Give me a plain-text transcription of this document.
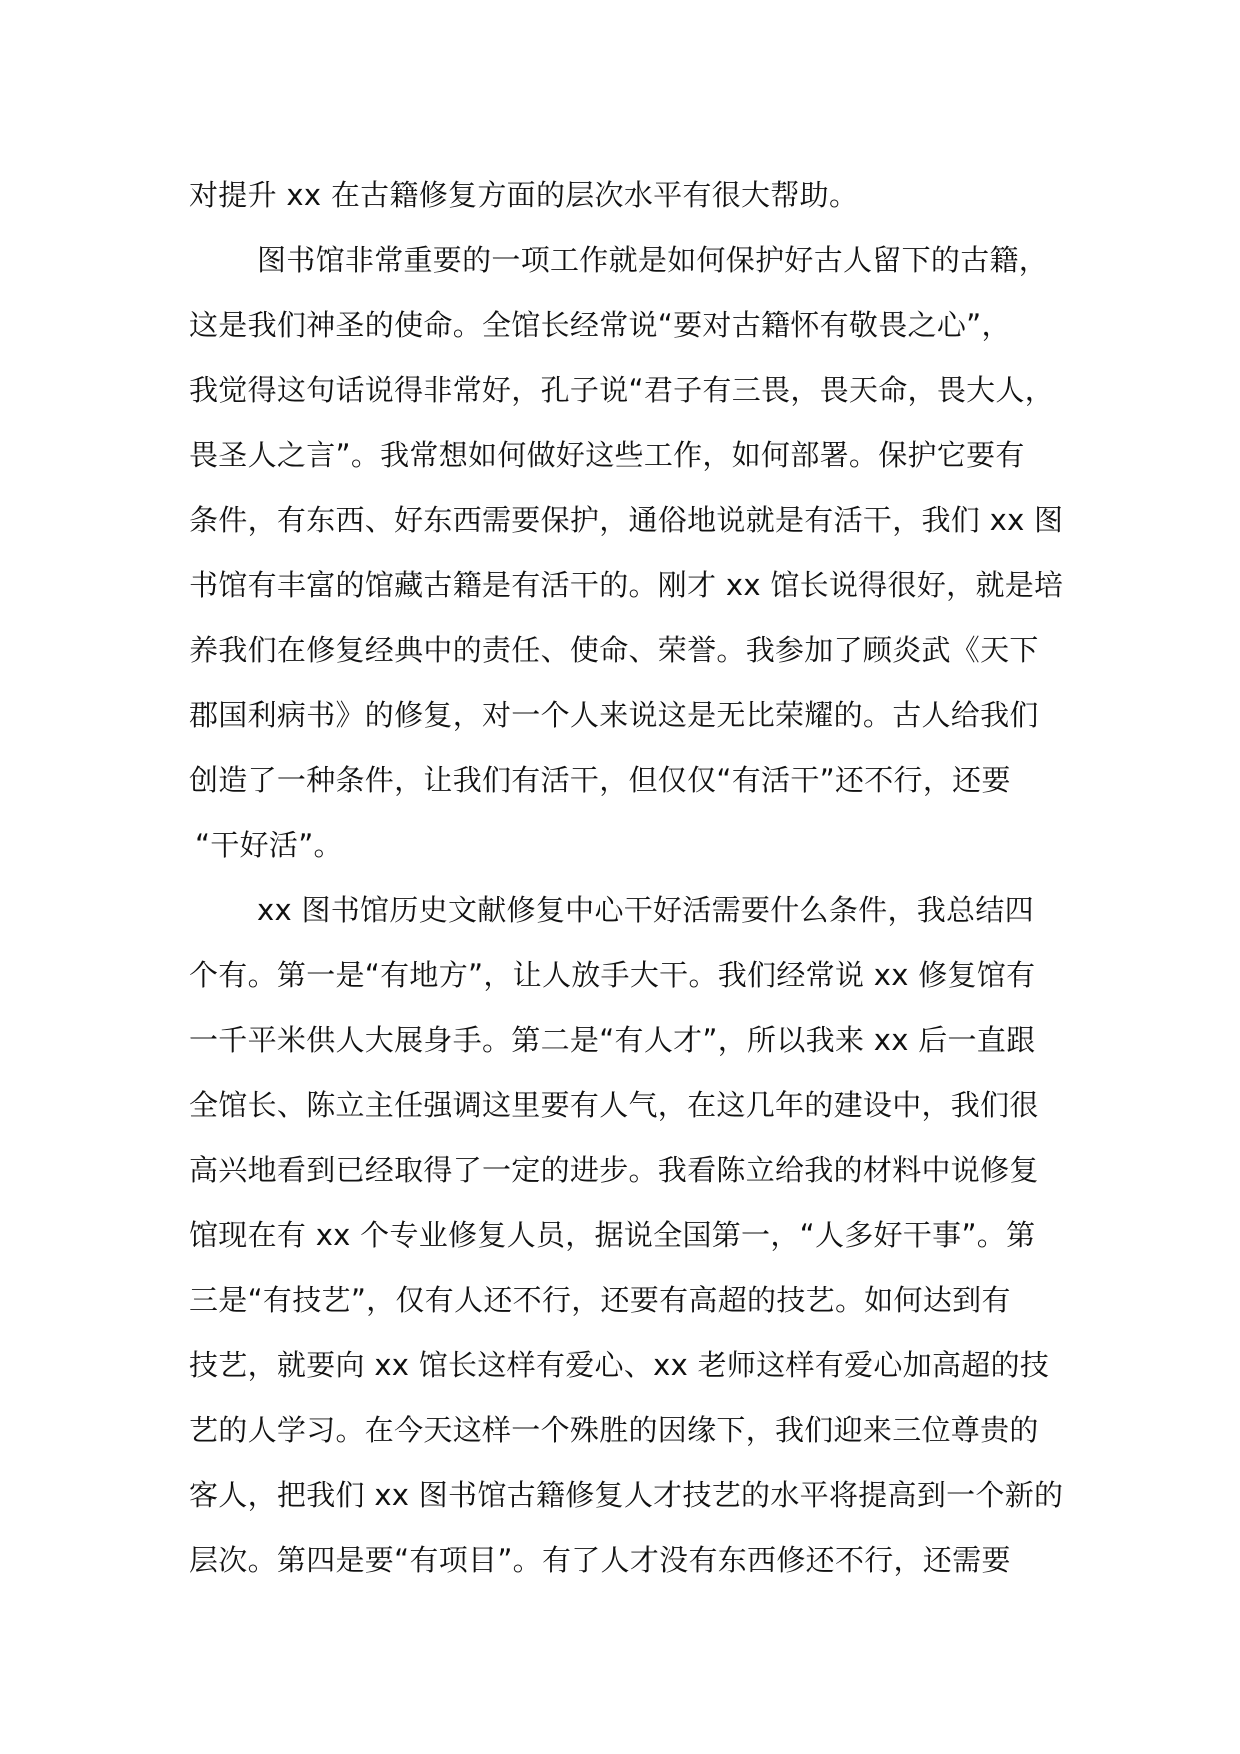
对提升 xx 在古籍修复方面的层次水平有很大帮助。
图书馆非常重要的一项工作就是如何保护好古人留下的古籍，
这是我们神圣的使命。全馆长经常说“要对古籍怀有敬畏之心”，
我觉得这句话说得非常好，孔子说“君子有三畏，畏天命，畏大人，
畏圣人之言”。我常想如何做好这些工作，如何部署。保护它要有
条件，有东西、好东西需要保护，通俗地说就是有活干，我们 xx 图
书馆有丰富的馆藏古籍是有活干的。刚才 xx 馆长说得很好，就是培
养我们在修复经典中的责任、使命、荣誉。我参加了顾炎武《天下
郡国利病书》的修复，对一个人来说这是无比荣耀的。古人给我们
创造了一种条件，让我们有活干，但仅仅“有活干”还不行，还要
“干好活”。
xx 图书馆历史文献修复中心干好活需要什么条件，我总结四
个有。第一是“有地方”，让人放手大干。我们经常说 xx 修复馆有
一千平米供人大展身手。第二是“有人才”，所以我来 xx 后一直跟
全馆长、陈立主任强调这里要有人气，在这几年的建设中，我们很
高兴地看到已经取得了一定的进步。我看陈立给我的材料中说修复
馆现在有 xx 个专业修复人员，据说全国第一，“人多好干事”。第
三是“有技艺”，仅有人还不行，还要有高超的技艺。如何达到有
技艺，就要向 xx 馆长这样有爱心、xx 老师这样有爱心加高超的技
艺的人学习。在今天这样一个殊胜的因缘下，我们迎来三位尊贵的
客人，把我们 xx 图书馆古籍修复人才技艺的水平将提高到一个新的
层次。第四是要“有项目”。有了人才没有东西修还不行，还需要
